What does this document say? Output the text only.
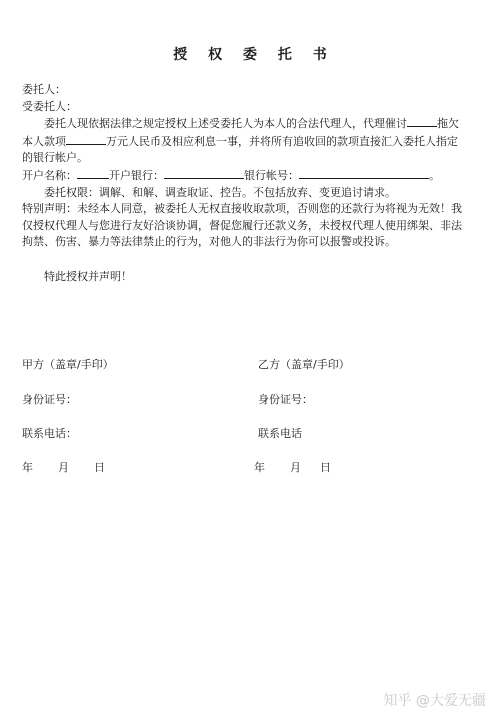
授 权 委 托 书
委托人：
受委托人：
委托人现依据法律之规定授权上述受委托人为本人的合法代理人，代理催讨	拖欠
本人款项	万元人民币及相应利息一事，并将所有追收回的款项直接汇入委托人指定
的银行帐户。
开户名称：	开户银行：	银行帐号：	。
委托权限：调解、和解、调查取证、控告。不包括放弃、变更追讨请求。
特别声明：未经本人同意，被委托人无权直接收取款项，否则您的还款行为将视为无效！我
仅授权代理人与您进行友好洽谈协调，督促您履行还款义务，未授权代理人使用绑架、非法
拘禁、伤害、暴力等法律禁止的行为，对他人的非法行为你可以报警或投诉。
特此授权并声明！
甲方（盖章/手印）	乙方（盖章/手印）
身份证号：	身份证号：
联系电话：	联系电话
年 月 日	年 月 日
知乎 @大爱无疆
